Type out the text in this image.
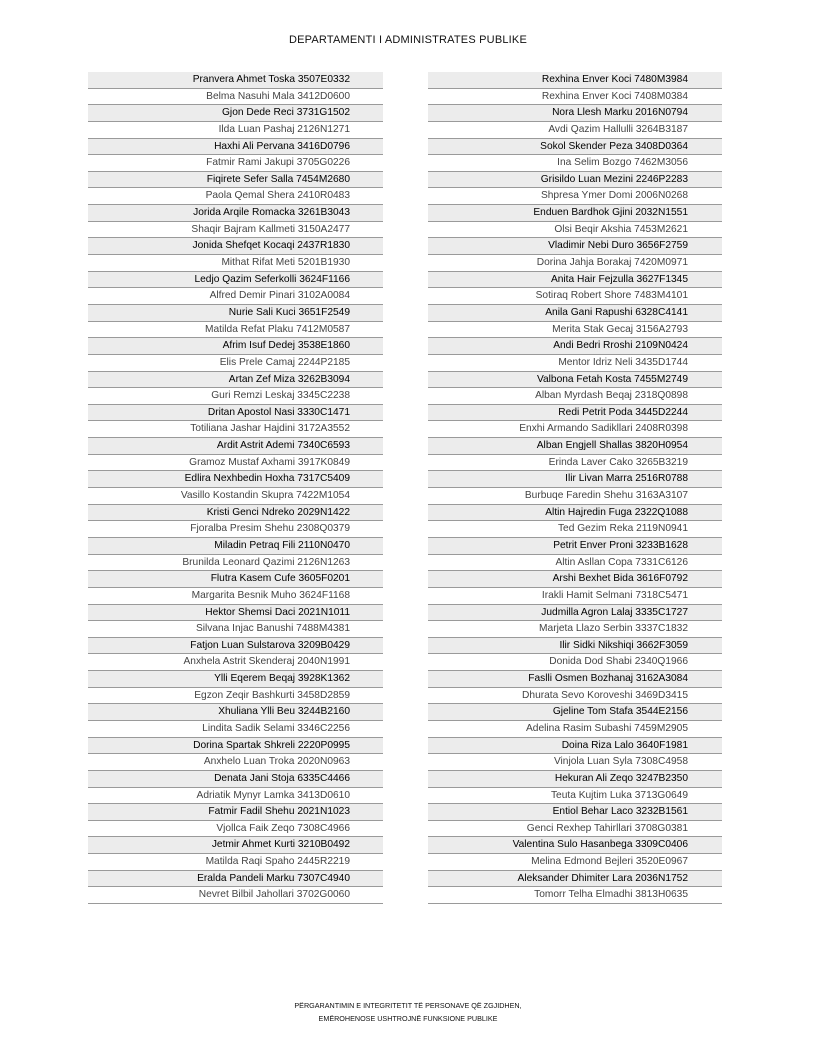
DEPARTAMENTI I ADMINISTRATES PUBLIKE
Pranvera Ahmet Toska 3507E0332
Belma Nasuhi Mala 3412D0600
Gjon Dede Reci 3731G1502
Ilda Luan Pashaj 2126N1271
Haxhi Ali Pervana 3416D0796
Fatmir Rami Jakupi 3705G0226
Fiqirete Sefer Salla 7454M2680
Paola Qemal Shera 2410R0483
Jorida Arqile Romacka 3261B3043
Shaqir Bajram Kallmeti 3150A2477
Jonida Shefqet Kocaqi 2437R1830
Mithat Rifat Meti 5201B1930
Ledjo Qazim Seferkolli 3624F1166
Alfred Demir Pinari 3102A0084
Nurie Sali Kuci 3651F2549
Matilda Refat Plaku 7412M0587
Afrim Isuf Dedej 3538E1860
Elis Prele Camaj 2244P2185
Artan Zef Miza 3262B3094
Guri Remzi Leskaj 3345C2238
Dritan Apostol Nasi 3330C1471
Totiliana Jashar Hajdini 3172A3552
Ardit Astrit Ademi 7340C6593
Gramoz Mustaf Axhami 3917K0849
Edlira Nexhbedin Hoxha 7317C5409
Vasillo Kostandin Skupra 7422M1054
Kristi Genci Ndreko 2029N1422
Fjoralba Presim Shehu 2308Q0379
Miladin Petraq Fili 2110N0470
Brunilda Leonard Qazimi 2126N1263
Flutra Kasem Cufe 3605F0201
Margarita Besnik Muho 3624F1168
Hektor Shemsi Daci 2021N1011
Silvana Injac Banushi 7488M4381
Fatjon Luan Sulstarova 3209B0429
Anxhela Astrit Skenderaj 2040N1991
Ylli Eqerem Beqaj 3928K1362
Egzon Zeqir Bashkurti 3458D2859
Xhuliana Ylli Beu 3244B2160
Lindita Sadik Selami 3346C2256
Dorina Spartak Shkreli 2220P0995
Anxhelo Luan Troka 2020N0963
Denata Jani Stoja 6335C4466
Adriatik Mynyr Lamka 3413D0610
Fatmir Fadil Shehu 2021N1023
Vjollca Faik Zeqo 7308C4966
Jetmir Ahmet Kurti 3210B0492
Matilda Raqi Spaho 2445R2219
Eralda Pandeli Marku 7307C4940
Nevret Bilbil Jahollari 3702G0060
Rexhina Enver Koci 7480M3984
Rexhina Enver Koci 7408M0384
Nora Llesh Marku 2016N0794
Avdi Qazim Hallulli 3264B3187
Sokol Skender Peza 3408D0364
Ina Selim Bozgo 7462M3056
Grisildo Luan Mezini 2246P2283
Shpresa Ymer Domi 2006N0268
Enduen Bardhok Gjini 2032N1551
Olsi Beqir Akshia 7453M2621
Vladimir Nebi Duro 3656F2759
Dorina Jahja Borakaj 7420M0971
Anita Hair Fejzulla 3627F1345
Sotiraq Robert Shore 7483M4101
Anila Gani Rapushi 6328C4141
Merita Stak Gecaj 3156A2793
Andi Bedri Rroshi 2109N0424
Mentor Idriz Neli 3435D1744
Valbona Fetah Kosta 7455M2749
Alban Myrdash Beqaj 2318Q0898
Redi Petrit Poda 3445D2244
Enxhi Armando Sadikllari 2408R0398
Alban Engjell Shallas 3820H0954
Erinda Laver Cako 3265B3219
Ilir Livan Marra 2516R0788
Burbuqe Faredin Shehu 3163A3107
Altin Hajredin Fuga 2322Q1088
Ted Gezim Reka 2119N0941
Petrit Enver Proni 3233B1628
Altin Asllan Copa 7331C6126
Arshi Bexhet Bida 3616F0792
Irakli Hamit Selmani 7318C5471
Judmilla Agron Lalaj 3335C1727
Marjeta Llazo Serbin 3337C1832
Ilir Sidki Nikshiqi 3662F3059
Donida Dod Shabi 2340Q1966
Faslli Osmen Bozhanaj 3162A3084
Dhurata Sevo Koroveshi 3469D3415
Gjeline Tom Stafa 3544E2156
Adelina Rasim Subashi 7459M2905
Doina Riza Lalo 3640F1981
Vinjola Luan Syla 7308C4958
Hekuran Ali Zeqo 3247B2350
Teuta Kujtim Luka 3713G0649
Entiol Behar Laco 3232B1561
Genci Rexhep Tahirllari 3708G0381
Valentina Sulo Hasanbega 3309C0406
Melina Edmond Bejleri 3520E0967
Aleksander Dhimiter Lara 2036N1752
Tomorr Telha Elmadhi 3813H0635
PËRGARANTIMIN E INTEGRITETIT TË PERSONAVE QË ZGJIDHEN,
EMËROHENOSE USHTROJNË FUNKSIONE PUBLIKE
